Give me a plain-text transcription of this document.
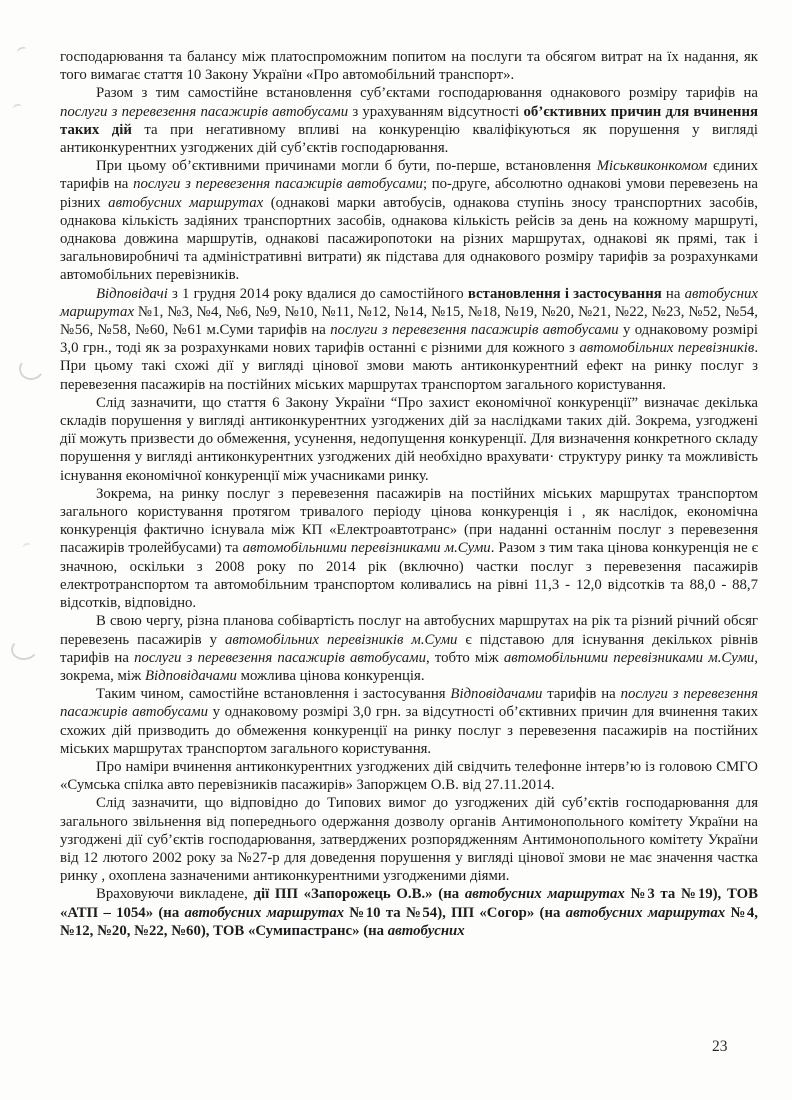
господарювання та балансу між платоспроможним попитом на послуги та обсягом витрат на їх надання, як того вимагає стаття 10 Закону України «Про автомобільний транспорт».

Разом з тим самостійне встановлення суб’єктами господарювання однакового розміру тарифів на послуги з перевезення пасажирів автобусами з урахуванням відсутності об’єктивних причин для вчинення таких дій та при негативному впливі на конкуренцію кваліфікуються як порушення у вигляді антиконкурентних узгоджених дій суб’єктів господарювання.

При цьому об’єктивними причинами могли б бути, по-перше, встановлення Міськвиконкомом єдиних тарифів на послуги з перевезення пасажирів автобусами; по-друге, абсолютно однакові умови перевезень на різних автобусних маршрутах (однакові марки автобусів, однакова ступінь зносу транспортних засобів, однакова кількість задіяних транспортних засобів, однакова кількість рейсів за день на кожному маршруті, однакова довжина маршрутів, однакові пасажиропотоки на різних маршрутах, однакові як прямі, так і загальновиробничі та адміністративні витрати) як підстава для однакового розміру тарифів за розрахунками автомобільних перевізників.

Відповідачі з 1 грудня 2014 року вдалися до самостійного встановлення і застосування на автобусних маршрутах №1, №3, №4, №6, №9, №10, №11, №12, №14, №15, №18, №19, №20, №21, №22, №23, №52, №54, №56, №58, №60, №61 м.Суми тарифів на послуги з перевезення пасажирів автобусами у однаковому розмірі 3,0 грн., тоді як за розрахунками нових тарифів останні є різними для кожного з автомобільних перевізників. При цьому такі схожі дії у вигляді цінової змови мають антиконкурентний ефект на ринку послуг з перевезення пасажирів на постійних міських маршрутах транспортом загального користування.

Слід зазначити, що стаття 6 Закону України “Про захист економічної конкуренції” визначає декілька складів порушення у вигляді антиконкурентних узгоджених дій за наслідками таких дій. Зокрема, узгоджені дії можуть призвести до обмеження, усунення, недопущення конкуренції. Для визначення конкретного складу порушення у вигляді антиконкурентних узгоджених дій необхідно врахувати· структуру ринку та можливість існування економічної конкуренції між учасниками ринку.

Зокрема, на ринку послуг з перевезення пасажирів на постійних міських маршрутах транспортом загального користування протягом тривалого періоду цінова конкуренція і , як наслідок, економічна конкуренція фактично існувала між КП «Електроавтотранс» (при наданні останнім послуг з перевезення пасажирів тролейбусами) та автомобільними перевізниками м.Суми. Разом з тим така цінова конкуренція не є значною, оскільки з 2008 року по 2014 рік (включно) частки послуг з перевезення пасажирів електротранспортом та автомобільним транспортом коливались на рівні 11,3 - 12,0 відсотків та 88,0 - 88,7 відсотків, відповідно.

В свою чергу, різна планова собівартість послуг на автобусних маршрутах на рік та різний річний обсяг перевезень пасажирів у автомобільних перевізників м.Суми є підставою для існування декількох рівнів тарифів на послуги з перевезення пасажирів автобусами, тобто між автомобільними перевізниками м.Суми, зокрема, між Відповідачами можлива цінова конкуренція.

Таким чином, самостійне встановлення і застосування Відповідачами тарифів на послуги з перевезення пасажирів автобусами у однаковому розмірі 3,0 грн. за відсутності об’єктивних причин для вчинення таких схожих дій призводить до обмеження конкуренції на ринку послуг з перевезення пасажирів на постійних міських маршрутах транспортом загального користування.

Про наміри вчинення антиконкурентних узгоджених дій свідчить телефонне інтерв’ю із головою СМГО «Сумська спілка авто перевізників пасажирів» Запоржцем О.В. від 27.11.2014.

Слід зазначити, що відповідно до Типових вимог до узгоджених дій суб’єктів господарювання для загального звільнення від попереднього одержання дозволу органів Антимонопольного комітету України на узгоджені дії суб’єктів господарювання, затверджених розпорядженням Антимонопольного комітету України від 12 лютого 2002 року за №27-р для доведення порушення у вигляді цінової змови не має значення частка ринку , охоплена зазначеними антиконкурентними узгодженими діями.

Враховуючи викладене, дії ПП «Запорожець О.В.» (на автобусних маршрутах №3 та №19), ТОВ «АТП – 1054» (на автобусних маршрутах №10 та №54), ПП «Согор» (на автобусних маршрутах №4, №12, №20, №22, №60), ТОВ «Сумипастранс» (на автобусних

23
